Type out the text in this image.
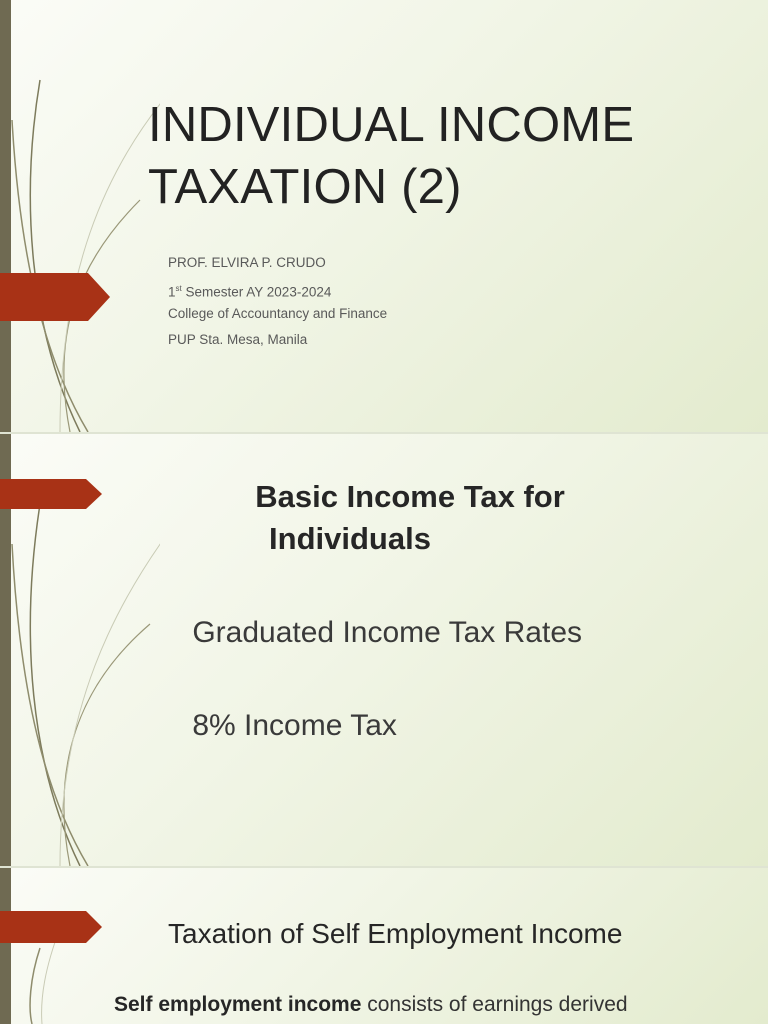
INDIVIDUAL INCOME
TAXATION (2)
PROF. ELVIRA P. CRUDO
1st Semester AY 2023-2024
College of Accountancy and Finance
PUP Sta. Mesa, Manila
Basic Income Tax for
Individuals
Graduated Income Tax Rates
8% Income Tax
Taxation of Self Employment Income
Self employment income consists of earnings derived
